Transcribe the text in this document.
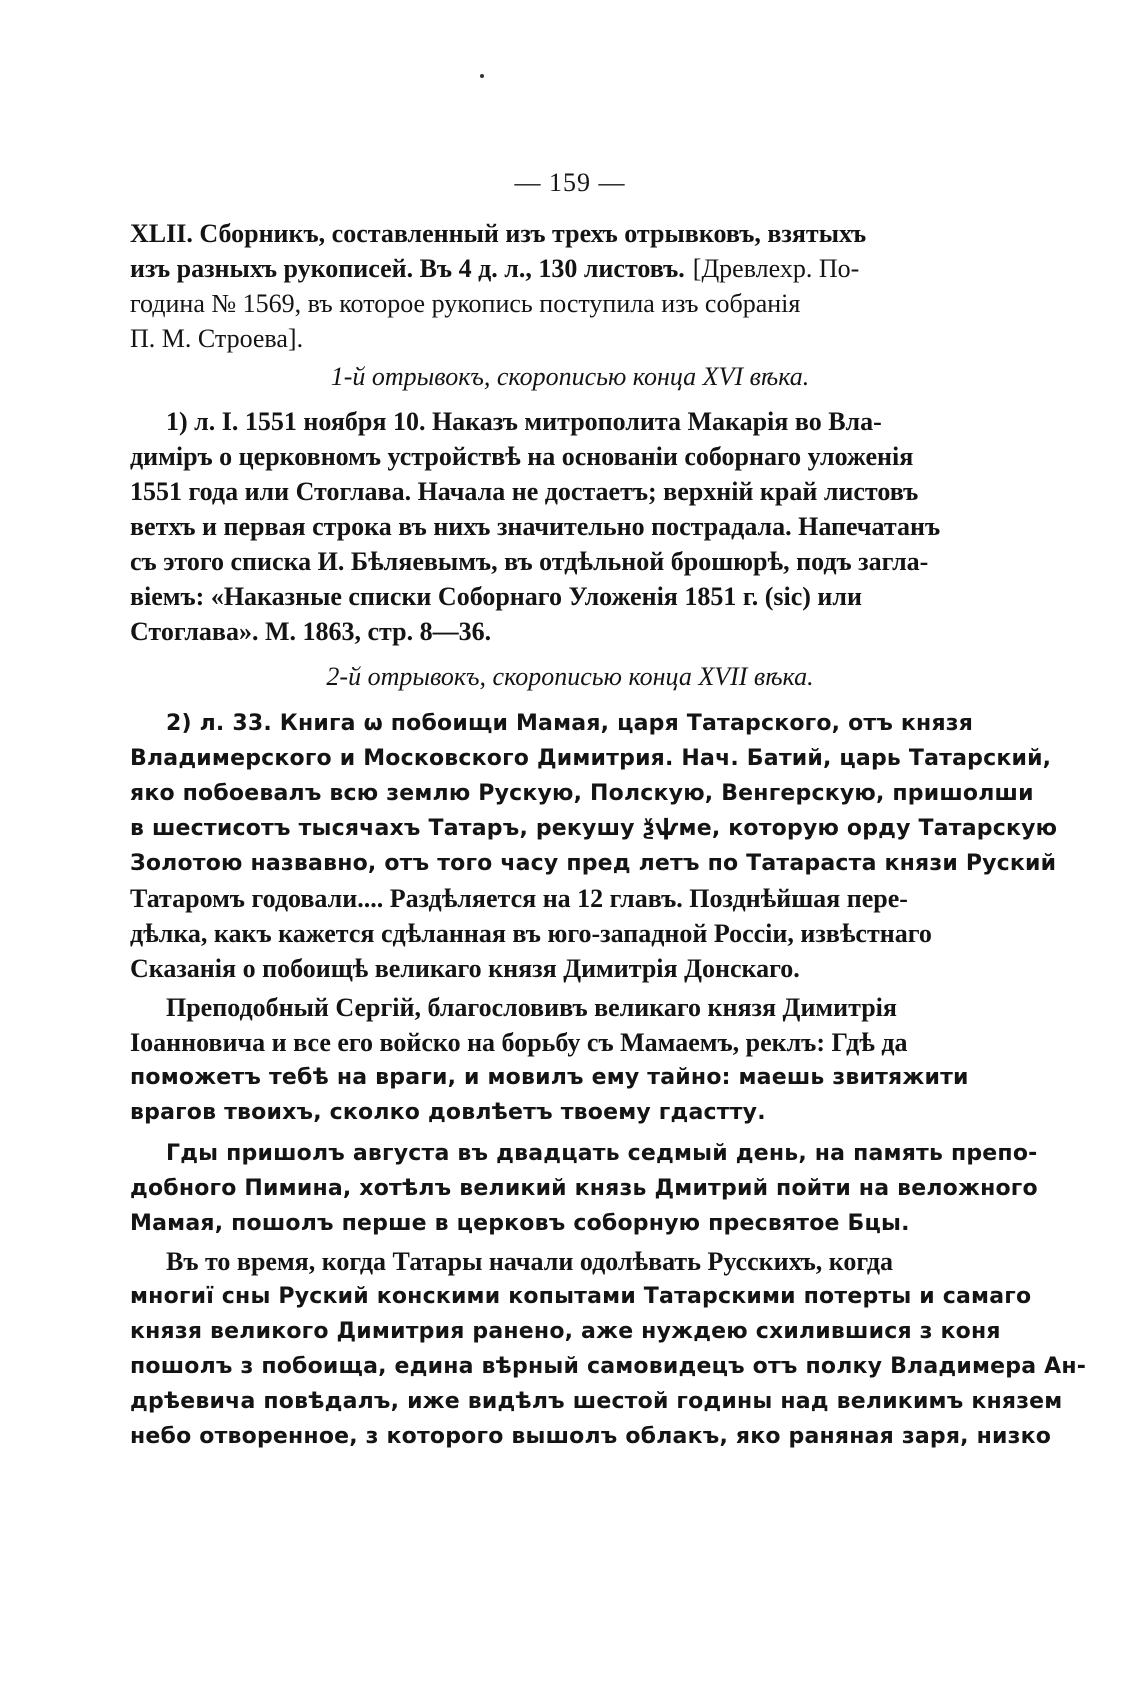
— 159 —
XLII. Сборникъ, составленный изъ трехъ отрывковъ, взятыхъ
изъ разныхъ рукописей. Въ 4 д. л., 130 листовъ. [Древлехр. По-
година № 1569, въ которое рукопись поступила изъ собранія
П. М. Строева].
1-й отрывокъ, скорописью конца XVI вѣка.
1) л. I. 1551 ноября 10. Наказъ митрополита Макарія во Вла-
диміръ о церковномъ устройствѣ на основаніи соборнаго уложенія
1551 года или Стоглава. Начала не достаетъ; верхній край листовъ
ветхъ и первая строка въ нихъ значительно пострадала. Напечатанъ
съ этого списка И. Бѣляевымъ, въ отдѣльной брошюрѣ, подъ загла-
віемъ: «Наказные списки Соборнаго Уложенія 1851 г. (sic) или
Стоглава». М. 1863, стр. 8—36.
2-й отрывокъ, скорописью конца XVII вѣка.
2) л. 33. Книга ѡ побоищи Мамая, царя Татарского, отъ князя
Владимерского и Московского Димитрия. Нач. Батий, царь Татарский,
яко побоевалъ всю землю Рускую, Полскую, Венгерскую, пришолши
в шестисотъ тысячахъ Татаръ, рекушу ѯѱме, которую орду Татарскую
Золотою назвавно, отъ того часу пред летъ по Татараста князи Руский
Татаромъ годовали.... Раздѣляется на 12 главъ. Позднѣйшая пере-
дѣлка, какъ кажется сдѣланная въ юго-западной Россіи, извѣстнаго
Сказанія о побоищѣ великаго князя Димитрія Донскаго.
Преподобный Сергій, благословивъ великаго князя Димитрія
Іоанновича и все его войско на борьбу съ Мамаемъ, реклъ: Гдѣ да
поможетъ тебѣ на враги, и мовилъ ему тайно: маешь звитяжити
врагов твоихъ, сколко довлѣетъ твоему гдастту.
Гды пришолъ августа въ двадцать седмый день, на память препо-
добного Пимина, хотѣлъ великий князь Дмитрий пойти на веложного
Мамая, пошолъ перше в церковъ соборную пресвятое Бцы.
Въ то время, когда Татары начали одолѣвать Русскихъ, когда
многиї сны Руский конскими копытами Татарскими потерты и самаго
князя великого Димитрия ранено, аже нуждею схилившися з коня
пошолъ з побоища, едина вѣрный самовидецъ отъ полку Владимера Ан-
дрѣевича повѣдалъ, иже видѣлъ шестой годины над великимъ князем
небо отворенное, з которого вышолъ облакъ, яко раняная заря, низко
